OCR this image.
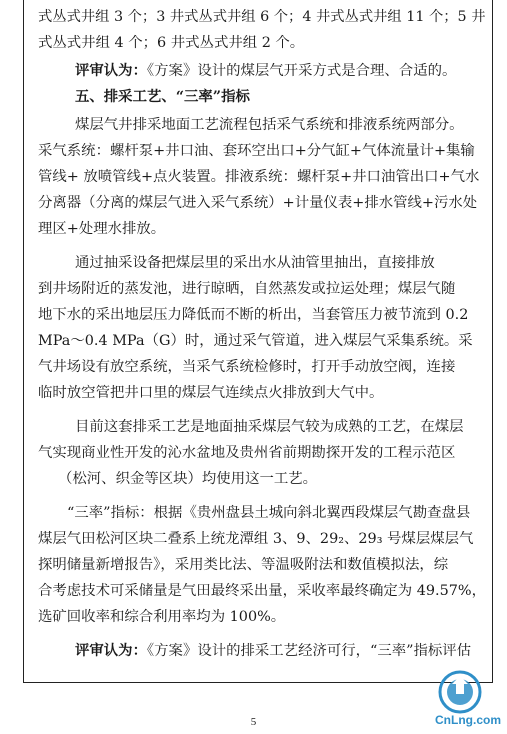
式丛式井组 3 个；3 井式丛式井组 6 个；4 井式丛式井组 11 个；5 井
式丛式井组 4 个；6 井式丛式井组 2 个。
评审认为：《方案》设计的煤层气开采方式是合理、合适的。
五、排采工艺、“三率”指标
煤层气井排采地面工艺流程包括采气系统和排液系统两部分。
采气系统：螺杆泵+井口油、套环空出口+分气缸+气体流量计+集输
管线+ 放喷管线+点火装置。排液系统：螺杆泵+井口油管出口+气水
分离器（分离的煤层气进入采气系统）+计量仪表+排水管线+污水处
理区+处理水排放。
通过抽采设备把煤层里的采出水从油管里抽出，直接排放
到井场附近的蒸发池，进行晾晒，自然蒸发或拉运处理；煤层气随
地下水的采出地层压力降低而不断的析出，当套管压力被节流到 0.2
MPa～0.4 MPa（G）时，通过采气管道，进入煤层气采集系统。采
气井场设有放空系统，当采气系统检修时，打开手动放空阀，连接
临时放空管把井口里的煤层气连续点火排放到大气中。
目前这套排采工艺是地面抽采煤层气较为成熟的工艺，在煤层
气实现商业性开发的沁水盆地及贵州省前期勘探开发的工程示范区
（松河、织金等区块）均使用这一工艺。
“三率”指标：根据《贵州盘县土城向斜北翼西段煤层气勘查盘县
煤层气田松河区块二叠系上统龙潭组 3、9、29₂、29₃ 号煤层煤层气
探明储量新增报告》，采用类比法、等温吸附法和数值模拟法，综
合考虑技术可采储量是气田最终采出量，采收率最终确定为 49.57%，
选矿回收率和综合利用率均为 100%。
评审认为：《方案》设计的排采工艺经济可行，“三率”指标评估
5	CnLng.com
